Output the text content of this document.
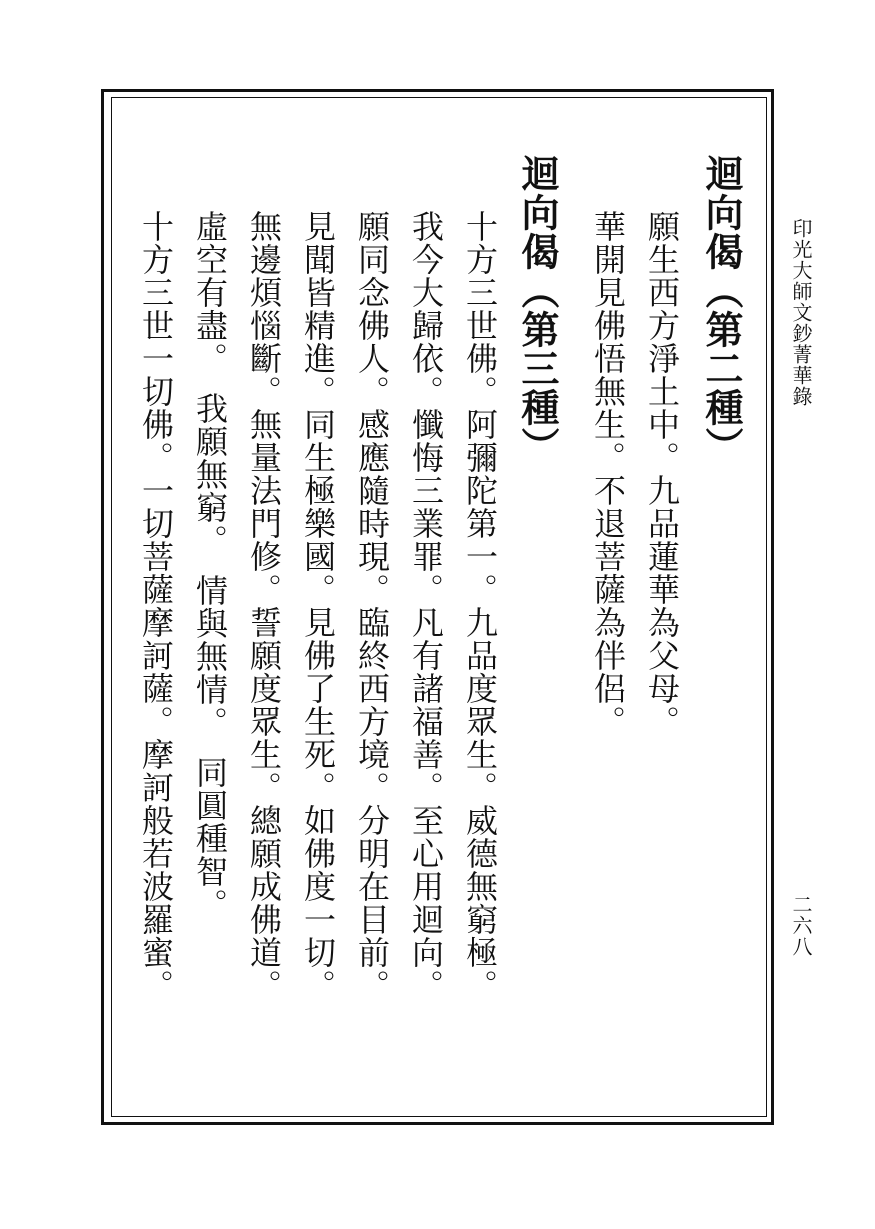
印光大師文鈔菁華錄
二六八
迴向偈（第二種）
願生西方淨土中。九品蓮華為父母。
華開見佛悟無生。不退菩薩為伴侶。
迴向偈（第三種）
十方三世佛。阿彌陀第一。九品度眾生。威德無窮極。
我今大歸依。懺悔三業罪。凡有諸福善。至心用迴向。
願同念佛人。感應隨時現。臨終西方境。分明在目前。
見聞皆精進。同生極樂國。見佛了生死。如佛度一切。
無邊煩惱斷。無量法門修。誓願度眾生。總願成佛道。
虛空有盡。　我願無窮。　情與無情。　同圓種智。
十方三世一切佛。一切菩薩摩訶薩。摩訶般若波羅蜜。
